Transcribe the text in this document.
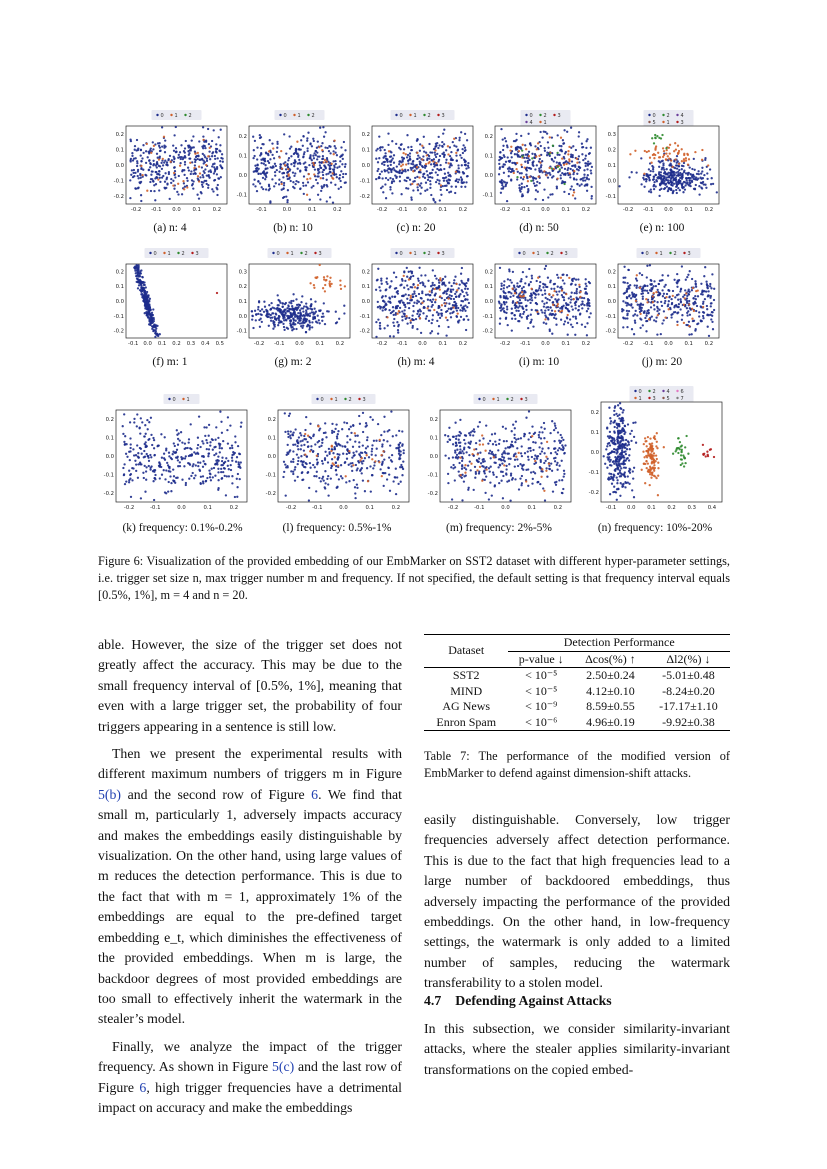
0 1 2
-0.2 -0.1 0.0 0.1 0.2
0.2
0.1
0.0
-0.1
-0.2
0 1 2
-0.1	0.0	0.1	0.2
0.2
0.1
0.0
-0.1
0 1 2 3
-0.2 -0.1 0.0 0.1 0.2
0.2
0.1
0.0
-0.1
-0.2
0 2 3
4 1
-0.2 -0.1 0.0 0.1 0.2
0.2
0.1
0.0
-0.1
0 2 4
5 1 3
-0.2 -0.1 0.0 0.1 0.2
0.3
0.2
0.1
0.0
-0.1
(a) n: 4	(b) n: 10	(c) n: 20	(d) n: 50	(e) n: 100
0 1 2 3
-0.1 0.0 0.1 0.2 0.3 0.4 0.5
0.2
0.1
0.0
-0.1
-0.2
0 1 2 3
-0.2 -0.1 0.0 0.1 0.2
0.3
0.2
0.1
0.0
-0.1
0 1 2 3
-0.2 -0.1 0.0 0.1 0.2
0.2
0.1
0.0
-0.1
-0.2
0 1 2 3
-0.2 -0.1 0.0 0.1 0.2
0.2
0.1
0.0
-0.1
-0.2
0 1 2 3
-0.2 -0.1 0.0 0.1 0.2
0.2
0.1
0.0
-0.1
-0.2
(f) m: 1	(g) m: 2	(h) m: 4	(i) m: 10	(j) m: 20
0 1
-0.2	-0.1	0.0	0.1	0.2
0.2
0.1
0.0
-0.1
-0.2
0 1 2 3
-0.2	-0.1	0.0	0.1	0.2
0.2
0.1
0.0
-0.1
-0.2
0 1 2 3
-0.2	-0.1	0.0	0.1	0.2
0.2
0.1
0.0
-0.1
-0.2
0 2 4 6
1 3 5 7
-0.1 0.0 0.1 0.2 0.3 0.4
0.2
0.1
0.0
-0.1
-0.2
(k) frequency: 0.1%-0.2%	(l) frequency: 0.5%-1%	(m) frequency: 2%-5%	(n) frequency: 10%-20%
Figure 6: Visualization of the provided embedding of our EmbMarker on SST2 dataset with different hyper-parameter settings, i.e. trigger set size n, max trigger number m and frequency. If not specified, the default setting is that frequency interval equals [0.5%, 1%], m = 4 and n = 20.

able. However, the size of the trigger set does not greatly affect the accuracy. This may be due to the small frequency interval of [0.5%, 1%], meaning that even with a large trigger set, the probability of four triggers appearing in a sentence is still low.

Then we present the experimental results with different maximum numbers of triggers m in Figure 5(b) and the second row of Figure 6. We find that small m, particularly 1, adversely impacts accuracy and makes the embeddings easily distinguishable by visualization. On the other hand, using large values of m reduces the detection performance. This is due to the fact that with m = 1, approximately 1% of the embeddings are equal to the pre-defined target embedding e_t, which diminishes the effectiveness of the provided embeddings. When m is large, the backdoor degrees of most provided embeddings are too small to effectively inherit the watermark in the stealer’s model.

Finally, we analyze the impact of the trigger frequency. As shown in Figure 5(c) and the last row of Figure 6, high trigger frequencies have a detrimental impact on accuracy and make the embeddings

Dataset	Detection Performance		
	p-value ↓	Δcos(%) ↑	Δl2(%) ↓
SST2	< 10⁻⁵	2.50±0.24	-5.01±0.48
MIND	< 10⁻⁵	4.12±0.10	-8.24±0.20
AG News	< 10⁻⁹	8.59±0.55	-17.17±1.10
Enron Spam	< 10⁻⁶	4.96±0.19	-9.92±0.38
Table 7: The performance of the modified version of EmbMarker to defend against dimension-shift attacks.

easily distinguishable. Conversely, low trigger frequencies adversely affect detection performance. This is due to the fact that high frequencies lead to a large number of backdoored embeddings, thus adversely impacting the performance of the provided embeddings. On the other hand, in low-frequency settings, the watermark is only added to a limited number of samples, reducing the watermark transferability to a stolen model.

4.7 Defending Against Attacks

In this subsection, we consider similarity-invariant attacks, where the stealer applies similarity-invariant transformations on the copied embed-
